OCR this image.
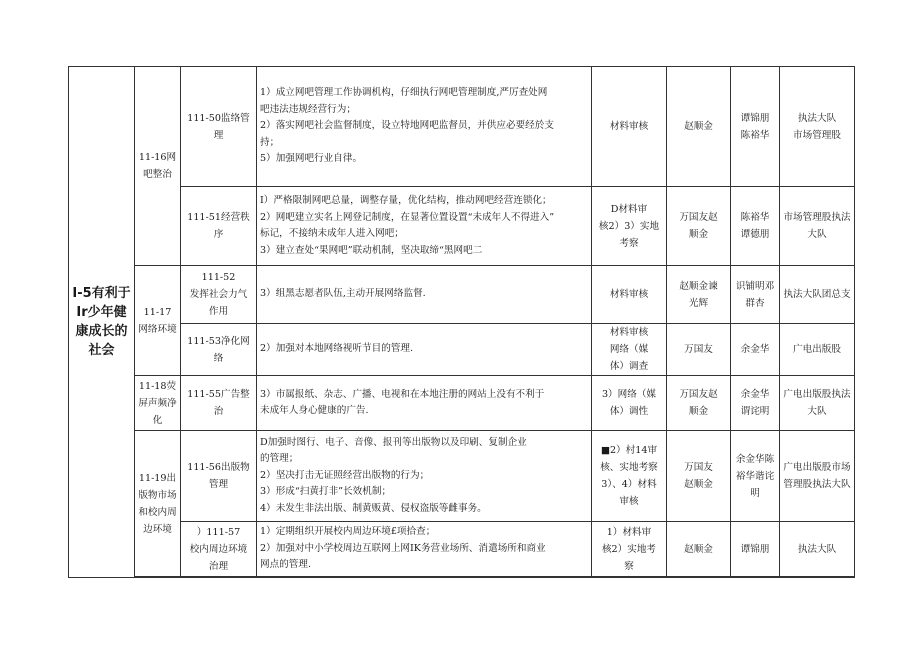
I-5有利于
Ir少年健
康成长的
社会	11-16网
吧整治	111-50监络管
理	1）成立网吧管理工作协调机构，仔细执行网吧管理制度,严厉查处网
吧违法违规经营行为；
2）落实网吧社会监督制度，设立特地网吧监督员，并供应必要经於支
持；
5）加强网吧行业自律。	材料审核	赵顺金	谭锦朋
陈裕华	执法大队
市场管理股

		111-51经营秩
序	I）严格限制网吧总量，调整存量，优化结构，推动网吧经营连锁化；
2）网吧建立实名上网登记制度，在显著位置设置“未成年人不得进入”
标记，不接纳未成年人进入网吧；
3）建立查处“果网吧”联动机制，坚决取缔“黑网吧二	D材料审
核2）3）实地
考察	万国友赵
顺金	陈裕华
谭德朋	市场管理股执法
大队

	11-17
网络环境	111-52
发挥社会力气
作用	3）组黑志愿者队伍,主动开展网络监督.	材料审核	赵顺金谏
光辉	识铺明邓
群杏	执法大队团总支

		111-53净化网
络	2）加强对本地网络视听节目的管理.	材料审核
网络（媒
体）调查	万国友	余金华	广电出版股

	11-18荧
屏声频净
化	111-55广告整
治	3）市属报纸、杂志、广播、电视和在本地注册的网站上没有不利于
未成年人身心健康的广告.	3）网络（媒
体）调性	万国友赵
顺金	余金华
谓诧明	广电出版股执法
大队

	11-19出
版物市场
和校内周
边环境	111-56出版物
管理	D加强时图行、电子、音像、报刊等出版物以及印刷、复制企业
的管理；
2）坚决打击无证照经营出版物的行为；
3）形成“扫黄打非”长效机制；
4）未发生非法出版、制黄贩黄、侵权盗版等雌事务。	■2）村14审
核、实地考察
3）、4）材料
审核	万国友
赵顺金	余金华陈
裕华谐诧
明	广电出版股市场
管理股执法大队

		）111-57
校内周边环境
治理	1）定期组织开展校内周边环境£项拾查；
2）加强对中小学校周边互联网上网IK务营业场所、消遣场所和商业
网点的管理.	1）材料审
核2）实地考
察	赵顺金	谭锦朋	执法大队
